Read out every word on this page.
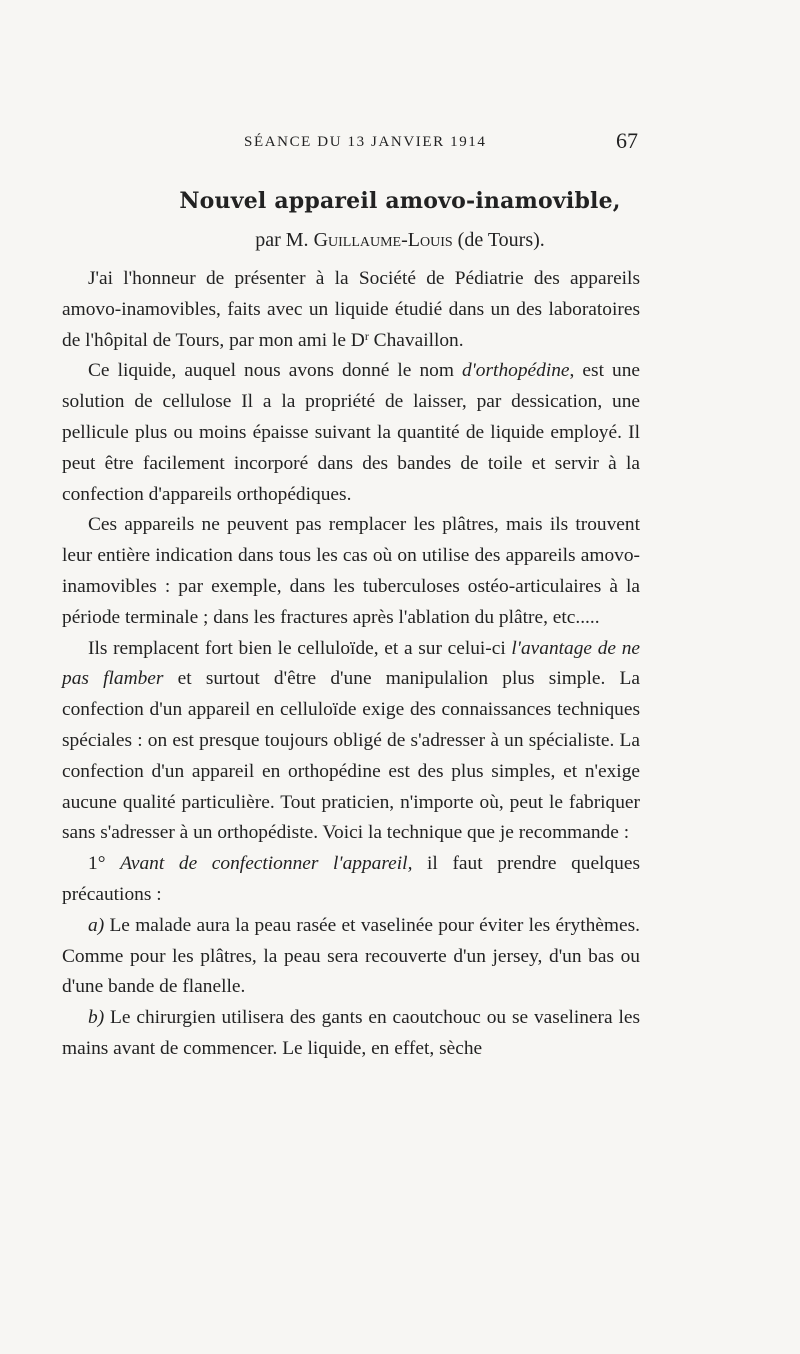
SÉANCE DU 13 JANVIER 1914	67
Nouvel appareil amovo-inamovible,
par M. Guillaume-Louis (de Tours).

J'ai l'honneur de présenter à la Société de Pédiatrie des appareils amovo-inamovibles, faits avec un liquide étudié dans un des laboratoires de l'hôpital de Tours, par mon ami le $D^r$ Chavaillon.

Ce liquide, auquel nous avons donné le nom d'orthopédine, est une solution de cellulose Il a la propriété de laisser, par dessication, une pellicule plus ou moins épaisse suivant la quantité de liquide employé. Il peut être facilement incorporé dans des bandes de toile et servir à la confection d'appareils orthopédiques.

Ces appareils ne peuvent pas remplacer les plâtres, mais ils trouvent leur entière indication dans tous les cas où on utilise des appareils amovo-inamovibles : par exemple, dans les tuberculoses ostéo-articulaires à la période terminale ; dans les fractures après l'ablation du plâtre, etc.....

Ils remplacent fort bien le celluloïde, et a sur celui-ci l'avantage de ne pas flamber et surtout d'être d'une manipulalion plus simple. La confection d'un appareil en celluloïde exige des connaissances techniques spéciales : on est presque toujours obligé de s'adresser à un spécialiste. La confection d'un appareil en orthopédine est des plus simples, et n'exige aucune qualité particulière. Tout praticien, n'importe où, peut le fabriquer sans s'adresser à un orthopédiste. Voici la technique que je recommande :

1° Avant de confectionner l'appareil, il faut prendre quelques précautions :

a) Le malade aura la peau rasée et vaselinée pour éviter les érythèmes. Comme pour les plâtres, la peau sera recouverte d'un jersey, d'un bas ou d'une bande de flanelle.

b) Le chirurgien utilisera des gants en caoutchouc ou se vaselinera les mains avant de commencer. Le liquide, en effet, sèche
